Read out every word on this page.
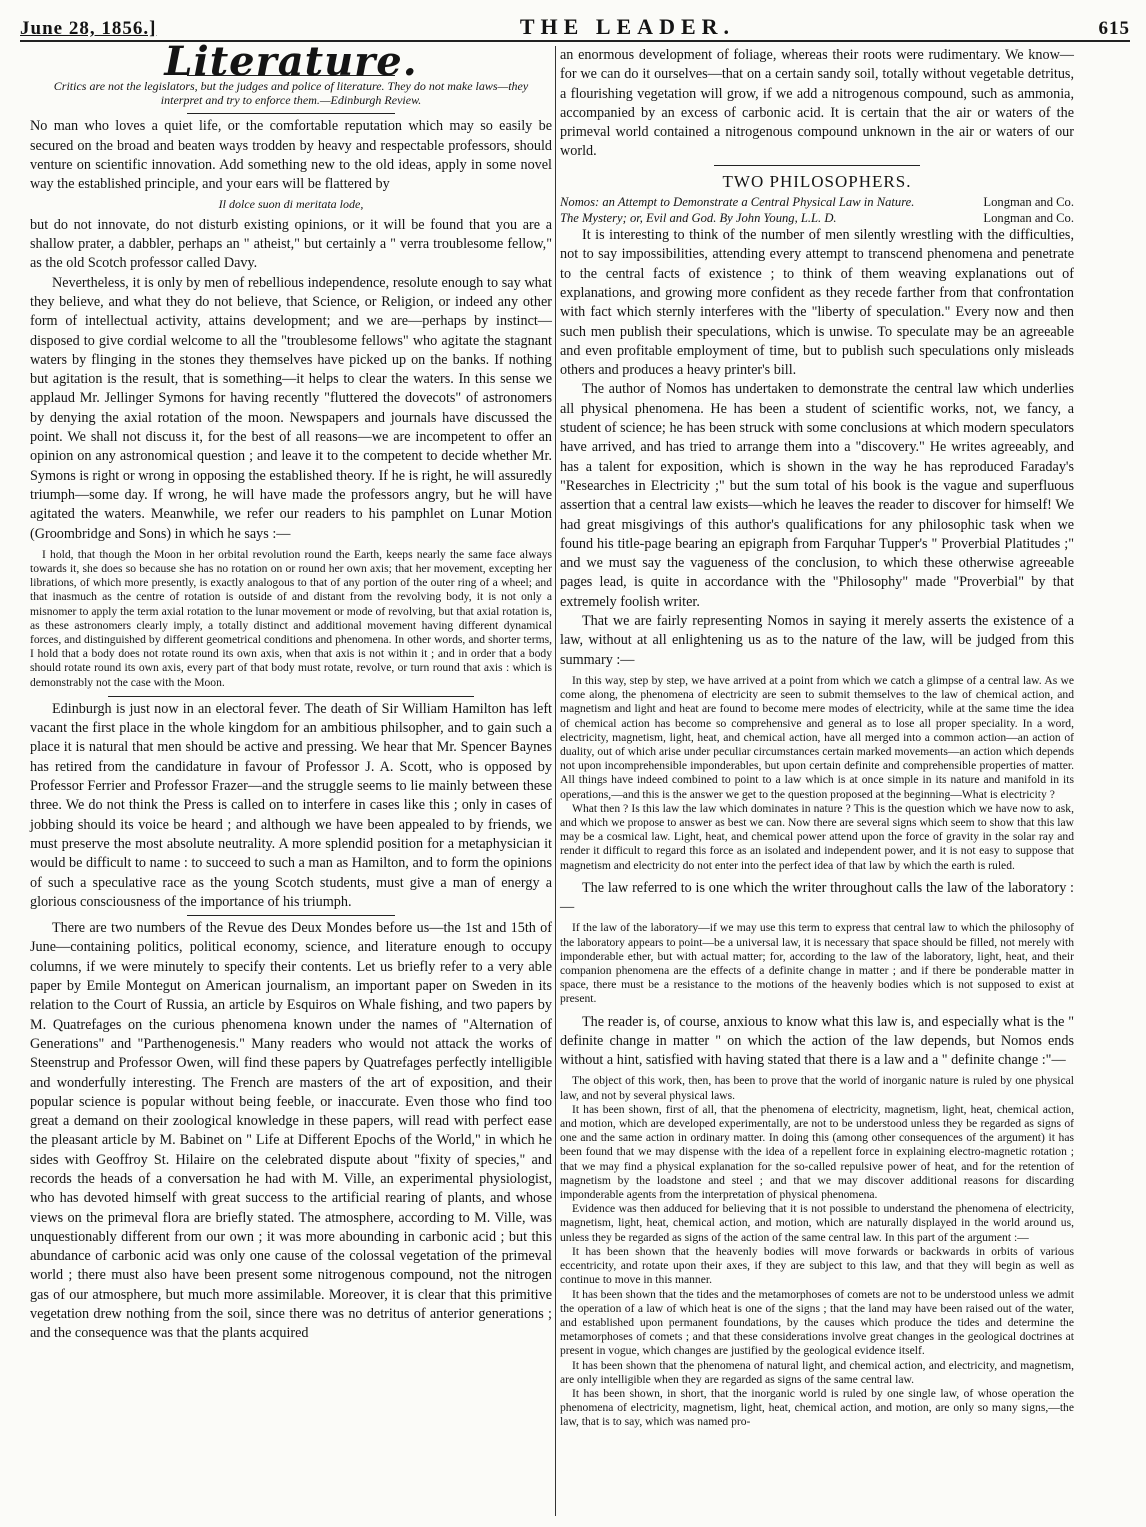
June 28, 1856.]	THE LEADER.	615
Literature.
Critics are not the legislators, but the judges and police of literature. They do not make laws—they interpret and try to enforce them.—Edinburgh Review.

No man who loves a quiet life, or the comfortable reputation which may so easily be secured on the broad and beaten ways trodden by heavy and respectable professors, should venture on scientific innovation. Add something new to the old ideas, apply in some novel way the established principle, and your ears will be flattered by

Il dolce suon di meritata lode,

but do not innovate, do not disturb existing opinions, or it will be found that you are a shallow prater, a dabbler, perhaps an " atheist," but certainly a " verra troublesome fellow," as the old Scotch professor called Davy.

Nevertheless, it is only by men of rebellious independence, resolute enough to say what they believe, and what they do not believe, that Science, or Religion, or indeed any other form of intellectual activity, attains development; and we are—perhaps by instinct—disposed to give cordial welcome to all the "troublesome fellows" who agitate the stagnant waters by flinging in the stones they themselves have picked up on the banks. If nothing but agitation is the result, that is something—it helps to clear the waters. In this sense we applaud Mr. Jellinger Symons for having recently "fluttered the dovecots" of astronomers by denying the axial rotation of the moon. Newspapers and journals have discussed the point. We shall not discuss it, for the best of all reasons—we are incompetent to offer an opinion on any astronomical question ; and leave it to the competent to decide whether Mr. Symons is right or wrong in opposing the established theory. If he is right, he will assuredly triumph—some day. If wrong, he will have made the professors angry, but he will have agitated the waters. Meanwhile, we refer our readers to his pamphlet on Lunar Motion (Groombridge and Sons) in which he says :—

I hold, that though the Moon in her orbital revolution round the Earth, keeps nearly the same face always towards it, she does so because she has no rotation on or round her own axis; that her movement, excepting her librations, of which more presently, is exactly analogous to that of any portion of the outer ring of a wheel; and that inasmuch as the centre of rotation is outside of and distant from the revolving body, it is not only a misnomer to apply the term axial rotation to the lunar movement or mode of revolving, but that axial rotation is, as these astronomers clearly imply, a totally distinct and additional movement having different dynamical forces, and distinguished by different geometrical conditions and phenomena. In other words, and shorter terms, I hold that a body does not rotate round its own axis, when that axis is not within it ; and in order that a body should rotate round its own axis, every part of that body must rotate, revolve, or turn round that axis : which is demonstrably not the case with the Moon.

Edinburgh is just now in an electoral fever. The death of Sir William Hamilton has left vacant the first place in the whole kingdom for an ambitious philsopher, and to gain such a place it is natural that men should be active and pressing. We hear that Mr. Spencer Baynes has retired from the candidature in favour of Professor J. A. Scott, who is opposed by Professor Ferrier and Professor Frazer—and the struggle seems to lie mainly between these three. We do not think the Press is called on to interfere in cases like this ; only in cases of jobbing should its voice be heard ; and although we have been appealed to by friends, we must preserve the most absolute neutrality. A more splendid position for a metaphysician it would be difficult to name : to succeed to such a man as Hamilton, and to form the opinions of such a speculative race as the young Scotch students, must give a man of energy a glorious consciousness of the importance of his triumph.

There are two numbers of the Revue des Deux Mondes before us—the 1st and 15th of June—containing politics, political economy, science, and literature enough to occupy columns, if we were minutely to specify their contents. Let us briefly refer to a very able paper by Emile Montegut on American journalism, an important paper on Sweden in its relation to the Court of Russia, an article by Esquiros on Whale fishing, and two papers by M. Quatrefages on the curious phenomena known under the names of "Alternation of Generations" and "Parthenogenesis." Many readers who would not attack the works of Steenstrup and Professor Owen, will find these papers by Quatrefages perfectly intelligible and wonderfully interesting. The French are masters of the art of exposition, and their popular science is popular without being feeble, or inaccurate. Even those who find too great a demand on their zoological knowledge in these papers, will read with perfect ease the pleasant article by M. Babinet on " Life at Different Epochs of the World," in which he sides with Geoffroy St. Hilaire on the celebrated dispute about "fixity of species," and records the heads of a conversation he had with M. Ville, an experimental physiologist, who has devoted himself with great success to the artificial rearing of plants, and whose views on the primeval flora are briefly stated. The atmosphere, according to M. Ville, was unquestionably different from our own ; it was more abounding in carbonic acid ; but this abundance of carbonic acid was only one cause of the colossal vegetation of the primeval world ; there must also have been present some nitrogenous compound, not the nitrogen gas of our atmosphere, but much more assimilable. Moreover, it is clear that this primitive vegetation drew nothing from the soil, since there was no detritus of anterior generations ; and the consequence was that the plants acquired

an enormous development of foliage, whereas their roots were rudimentary. We know—for we can do it ourselves—that on a certain sandy soil, totally without vegetable detritus, a flourishing vegetation will grow, if we add a nitrogenous compound, such as ammonia, accompanied by an excess of carbonic acid. It is certain that the air or waters of the primeval world contained a nitrogenous compound unknown in the air or waters of our world.

TWO PHILOSOPHERS.
Nomos: an Attempt to Demonstrate a Central Physical Law in Nature.	Longman and Co.
The Mystery; or, Evil and God. By John Young, L.L. D.	Longman and Co.

It is interesting to think of the number of men silently wrestling with the difficulties, not to say impossibilities, attending every attempt to transcend phenomena and penetrate to the central facts of existence ; to think of them weaving explanations out of explanations, and growing more confident as they recede farther from that confrontation with fact which sternly interferes with the "liberty of speculation." Every now and then such men publish their speculations, which is unwise. To speculate may be an agreeable and even profitable employment of time, but to publish such speculations only misleads others and produces a heavy printer's bill.

The author of Nomos has undertaken to demonstrate the central law which underlies all physical phenomena. He has been a student of scientific works, not, we fancy, a student of science; he has been struck with some conclusions at which modern speculators have arrived, and has tried to arrange them into a "discovery." He writes agreeably, and has a talent for exposition, which is shown in the way he has reproduced Faraday's "Researches in Electricity ;" but the sum total of his book is the vague and superfluous assertion that a central law exists—which he leaves the reader to discover for himself! We had great misgivings of this author's qualifications for any philosophic task when we found his title-page bearing an epigraph from Farquhar Tupper's " Proverbial Platitudes ;" and we must say the vagueness of the conclusion, to which these otherwise agreeable pages lead, is quite in accordance with the "Philosophy" made "Proverbial" by that extremely foolish writer.

That we are fairly representing Nomos in saying it merely asserts the existence of a law, without at all enlightening us as to the nature of the law, will be judged from this summary :—

In this way, step by step, we have arrived at a point from which we catch a glimpse of a central law. As we come along, the phenomena of electricity are seen to submit themselves to the law of chemical action, and magnetism and light and heat are found to become mere modes of electricity, while at the same time the idea of chemical action has become so comprehensive and general as to lose all proper speciality. In a word, electricity, magnetism, light, heat, and chemical action, have all merged into a common action—an action of duality, out of which arise under peculiar circumstances certain marked movements—an action which depends not upon incomprehensible imponderables, but upon certain definite and comprehensible properties of matter. All things have indeed combined to point to a law which is at once simple in its nature and manifold in its operations,—and this is the answer we get to the question proposed at the beginning—What is electricity ?

What then ? Is this law the law which dominates in nature ? This is the question which we have now to ask, and which we propose to answer as best we can. Now there are several signs which seem to show that this law may be a cosmical law. Light, heat, and chemical power attend upon the force of gravity in the solar ray and render it difficult to regard this force as an isolated and independent power, and it is not easy to suppose that magnetism and electricity do not enter into the perfect idea of that law by which the earth is ruled.

The law referred to is one which the writer throughout calls the law of the laboratory :—

If the law of the laboratory—if we may use this term to express that central law to which the philosophy of the laboratory appears to point—be a universal law, it is necessary that space should be filled, not merely with imponderable ether, but with actual matter; for, according to the law of the laboratory, light, heat, and their companion phenomena are the effects of a definite change in matter ; and if there be ponderable matter in space, there must be a resistance to the motions of the heavenly bodies which is not supposed to exist at present.

The reader is, of course, anxious to know what this law is, and especially what is the " definite change in matter " on which the action of the law depends, but Nomos ends without a hint, satisfied with having stated that there is a law and a " definite change :"—

The object of this work, then, has been to prove that the world of inorganic nature is ruled by one physical law, and not by several physical laws.

It has been shown, first of all, that the phenomena of electricity, magnetism, light, heat, chemical action, and motion, which are developed experimentally, are not to be understood unless they be regarded as signs of one and the same action in ordinary matter. In doing this (among other consequences of the argument) it has been found that we may dispense with the idea of a repellent force in explaining electro-magnetic rotation ; that we may find a physical explanation for the so-called repulsive power of heat, and for the retention of magnetism by the loadstone and steel ; and that we may discover additional reasons for discarding imponderable agents from the interpretation of physical phenomena.

Evidence was then adduced for believing that it is not possible to understand the phenomena of electricity, magnetism, light, heat, chemical action, and motion, which are naturally displayed in the world around us, unless they be regarded as signs of the action of the same central law. In this part of the argument :—

It has been shown that the heavenly bodies will move forwards or backwards in orbits of various eccentricity, and rotate upon their axes, if they are subject to this law, and that they will begin as well as continue to move in this manner.

It has been shown that the tides and the metamorphoses of comets are not to be understood unless we admit the operation of a law of which heat is one of the signs ; that the land may have been raised out of the water, and established upon permanent foundations, by the causes which produce the tides and determine the metamorphoses of comets ; and that these considerations involve great changes in the geological doctrines at present in vogue, which changes are justified by the geological evidence itself.

It has been shown that the phenomena of natural light, and chemical action, and electricity, and magnetism, are only intelligible when they are regarded as signs of the same central law.

It has been shown, in short, that the inorganic world is ruled by one single law, of whose operation the phenomena of electricity, magnetism, light, heat, chemical action, and motion, are only so many signs,—the law, that is to say, which was named pro-
